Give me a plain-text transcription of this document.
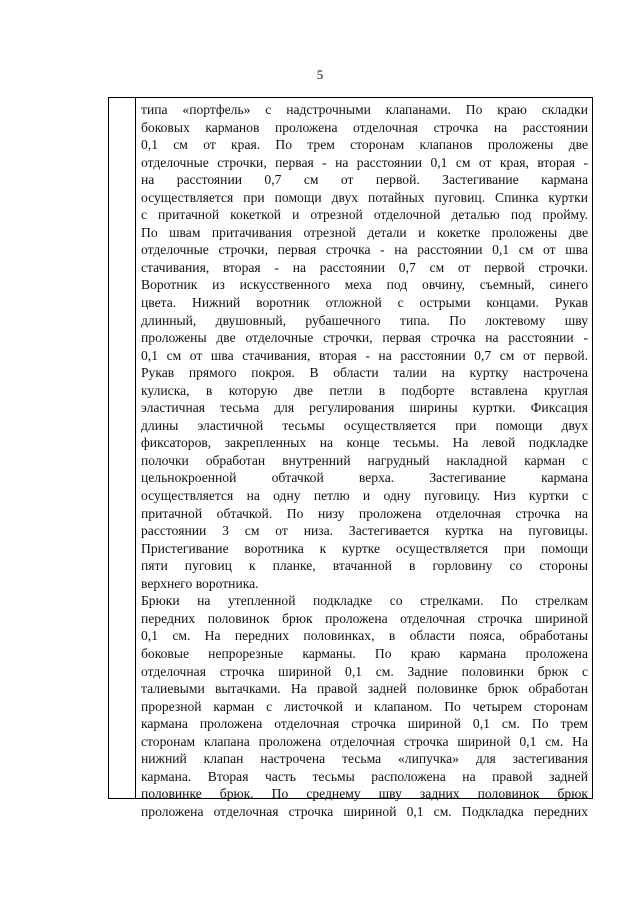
5
типа «портфель» с надстрочными клапанами. По краю складки
боковых карманов проложена отделочная строчка на расстоянии
0,1 см от края. По трем сторонам клапанов проложены две
отделочные строчки, первая - на расстоянии 0,1 см от края, вторая -
на расстоянии 0,7 см от первой. Застегивание кармана
осуществляется при помощи двух потайных пуговиц. Спинка куртки
с притачной кокеткой и отрезной отделочной деталью под пройму.
По швам притачивания отрезной детали и кокетке проложены две
отделочные строчки, первая строчка - на расстоянии 0,1 см от шва
стачивания, вторая - на расстоянии 0,7 см от первой строчки.
Воротник из искусственного меха под овчину, съемный, синего
цвета. Нижний воротник отложной с острыми концами. Рукав
длинный, двушовный, рубашечного типа. По локтевому шву
проложены две отделочные строчки, первая строчка на расстоянии -
0,1 см от шва стачивания, вторая - на расстоянии 0,7 см от первой.
Рукав прямого покроя. В области талии на куртку настрочена
кулиска, в которую две петли в подборте вставлена круглая
эластичная тесьма для регулирования ширины куртки. Фиксация
длины эластичной тесьмы осуществляется при помощи двух
фиксаторов, закрепленных на конце тесьмы. На левой подкладке
полочки обработан внутренний нагрудный накладной карман с
цельнокроенной обтачкой верха. Застегивание кармана
осуществляется на одну петлю и одну пуговицу. Низ куртки с
притачной обтачкой. По низу проложена отделочная строчка на
расстоянии 3 см от низа. Застегивается куртка на пуговицы.
Пристегивание воротника к куртке осуществляется при помощи
пяти пуговиц к планке, втачанной в горловину со стороны
верхнего воротника.
Брюки на утепленной подкладке со стрелками. По стрелкам
передних половинок брюк проложена отделочная строчка шириной
0,1 см. На передних половинках, в области пояса, обработаны
боковые непрорезные карманы. По краю кармана проложена
отделочная строчка шириной 0,1 см. Задние половинки брюк с
талиевыми вытачками. На правой задней половинке брюк обработан
прорезной карман с листочкой и клапаном. По четырем сторонам
кармана проложена отделочная строчка шириной 0,1 см. По трем
сторонам клапана проложена отделочная строчка шириной 0,1 см. На
нижний клапан настрочена тесьма «липучка» для застегивания
кармана. Вторая часть тесьмы расположена на правой задней
половинке брюк. По среднему шву задних половинок брюк
проложена отделочная строчка шириной 0,1 см. Подкладка передних
